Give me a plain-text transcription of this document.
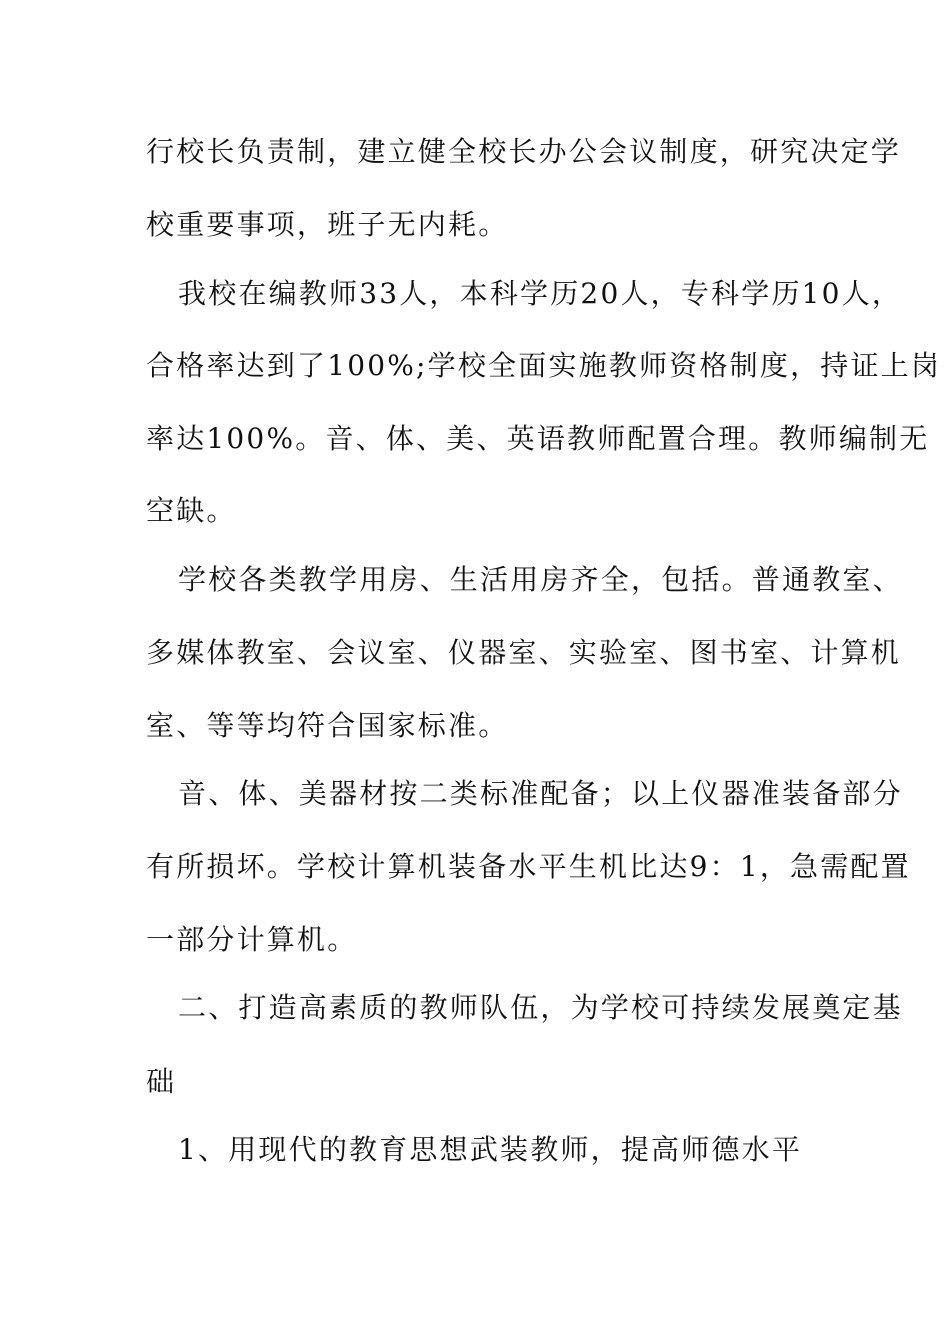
行校长负责制，建立健全校长办公会议制度，研究决定学
校重要事项，班子无内耗。
我校在编教师33人，本科学历20人，专科学历10人，
合格率达到了100%;学校全面实施教师资格制度，持证上岗
率达100%。音、体、美、英语教师配置合理。教师编制无
空缺。
学校各类教学用房、生活用房齐全，包括。普通教室、
多媒体教室、会议室、仪器室、实验室、图书室、计算机
室、等等均符合国家标准。
音、体、美器材按二类标准配备；以上仪器准装备部分
有所损坏。学校计算机装备水平生机比达9：1，急需配置
一部分计算机。
二、打造高素质的教师队伍，为学校可持续发展奠定基
础
1、用现代的教育思想武装教师，提高师德水平
